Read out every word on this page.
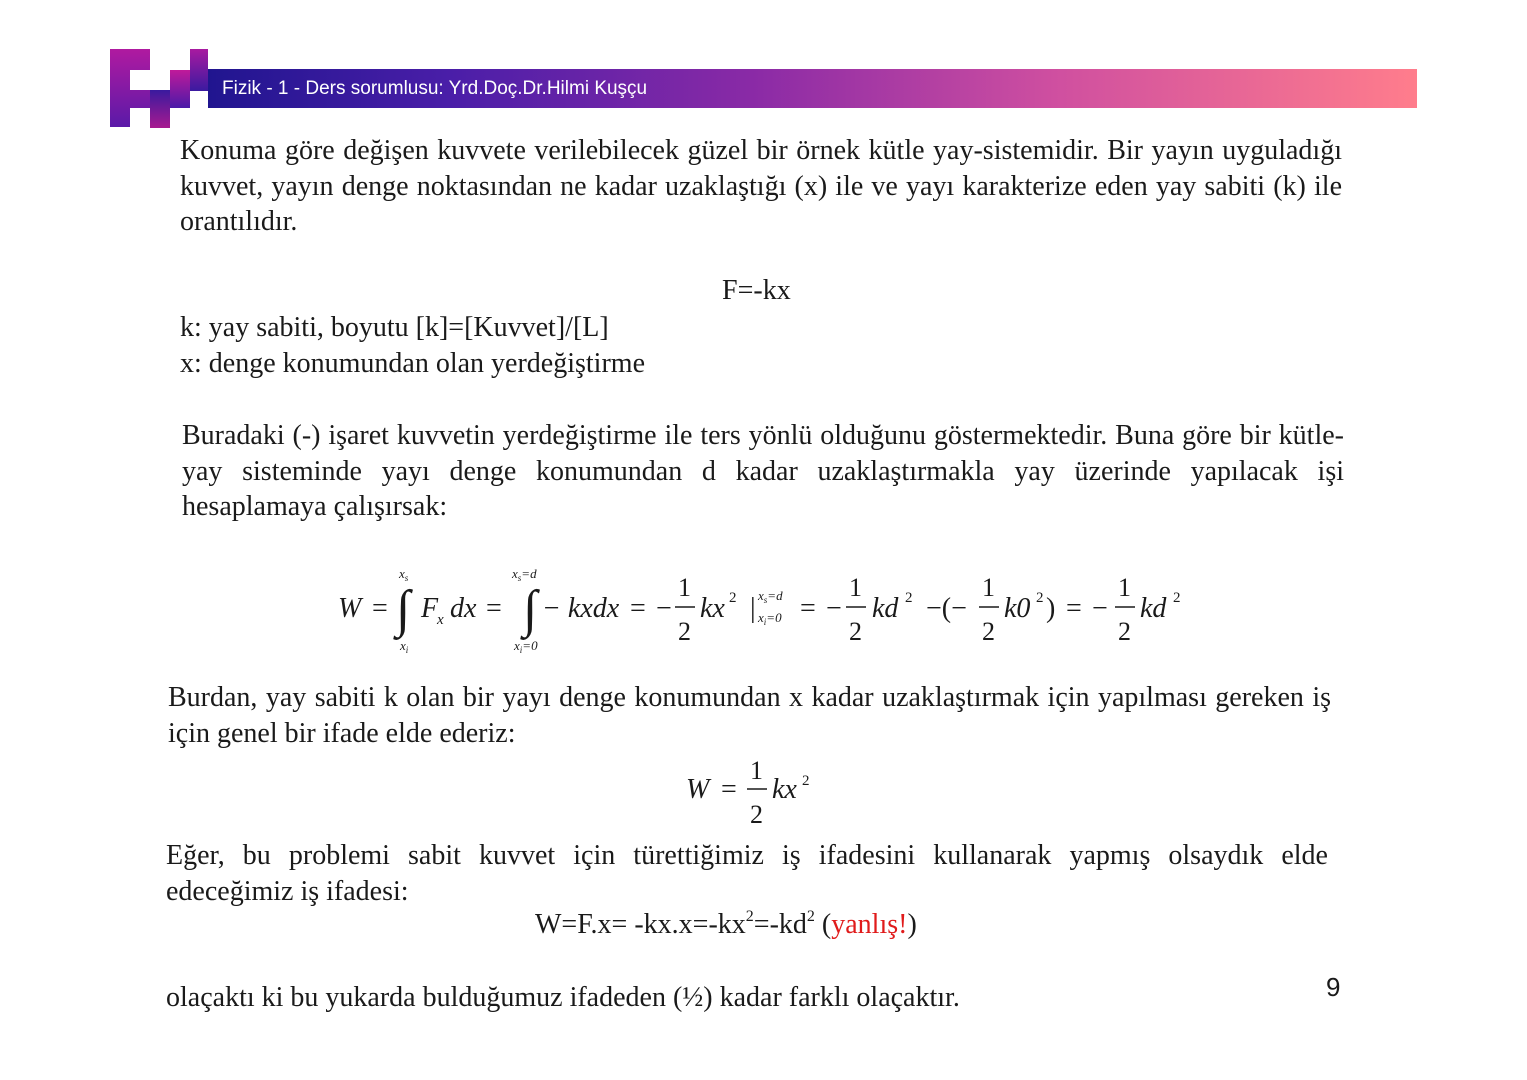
Fizik - 1 - Ders sorumlusu: Yrd.Doç.Dr.Hilmi Kuşçu
Konuma göre değişen kuvvete verilebilecek güzel bir örnek kütle yay-sistemidir. Bir yayın uyguladığı kuvvet, yayın denge noktasından ne kadar uzaklaştığı (x) ile ve yayı karakterize eden yay sabiti (k) ile orantılıdır.
F=-kx
k: yay sabiti, boyutu [k]=[Kuvvet]/[L]
x: denge konumundan olan yerdeğiştirme
Buradaki (-) işaret kuvvetin yerdeğiştirme ile ters yönlü olduğunu göstermektedir. Buna göre bir kütle-yay sisteminde yayı denge konumundan d kadar uzaklaştırmakla yay üzerinde yapılacak işi hesaplamaya çalışırsak:
W =
$x_s$
∫
$x_i$
F
x dx =
$x_s=d$
∫
$x_i=0$
− kxdx = −
1
2
kx 2 | $x_s=d$
$x_i=0$ = −
1
2
kd 2 −(−
1
2
k0 2 ) = −
1
2
kd 2
Burdan, yay sabiti k olan bir yayı denge konumundan x kadar uzaklaştırmak için yapılması gereken iş için genel bir ifade elde ederiz:
W =
1
2
kx 2
Eğer, bu problemi sabit kuvvet için türettiğimiz iş ifadesini kullanarak yapmış olsaydık elde edeceğimiz iş ifadesi:
$W=F.x= -kx.x=-kx^2=-kd^2$ (yanlış!)
olaçaktı ki bu yukarda bulduğumuz ifadeden (½) kadar farklı olaçaktır.	9
